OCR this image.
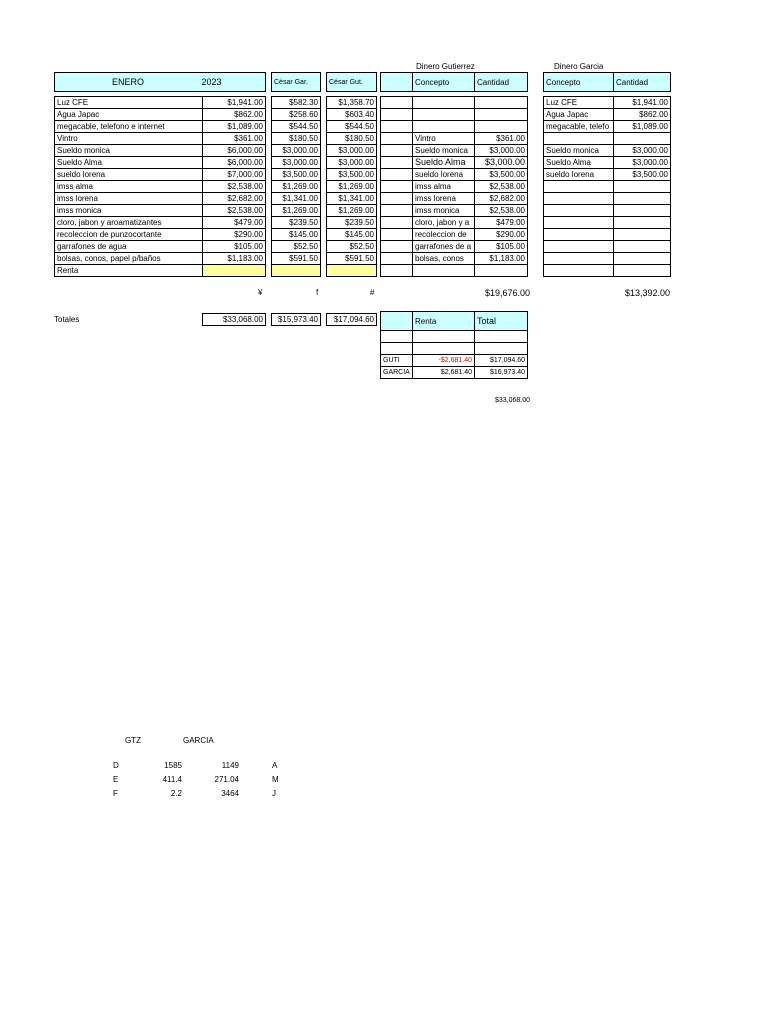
Dinero Gutierrez	Dinero Garcia
ENERO 2023			César Gar.		César Gut.

Luz CFE	$1,941.00		$582.30		$1,358.70
Agua Japac	$862.00		$258.60		$603.40
megacable, telefono e internet	$1,089.00		$544.50		$544.50
Vintro	$361.00		$180.50		$180.50
Sueldo monica	$6,000.00		$3,000.00		$3,000.00
Sueldo Alma	$6,000.00		$3,000.00		$3,000.00
sueldo lorena	$7,000.00		$3,500.00		$3,500.00
imss alma	$2,538.00		$1,269.00		$1,269.00
imss lorena	$2,682.00		$1,341.00		$1,341.00
imss monica	$2,538.00		$1,269.00		$1,269.00
cloro, jabon y aroamatizantes	$479.00		$239.50		$239.50
recoleccion de punzocortante	$290.00		$145.00		$145.00
garrafones de agua	$105.00		$52.50		$52.50
bolsas, conos, papel p/baños	$1,183.00		$591.50		$591.50
Renta					
¥	f	#
	Concepto	Cantidad

	Vintro	$361.00
	Sueldo monica	$3,000.00
	Sueldo Alma	$3,000.00
	sueldo lorena	$3,500.00
	imss alma	$2,538.00
	imss lorena	$2,682.00
	imss monica	$2,538.00
	cloro, jabon y a	$479.00
	recoleccion de	$290.00
	garrafones de a	$105.00
	bolsas, conos	$1,183.00

$19,676.00
Concepto	Cantidad

Luz CFE	$1,941.00
Agua Japac	$862.00
megacable, telefo	$1,089.00

Sueldo monica	$3,000.00
Sueldo Alma	$3,000.00
sueldo lorena	$3,500.00

$13,392.00
Totales	$33,068.00		$15,973.40		$17,094.60
		Renta	Total

GUTI	-$2,681.40	$17,094.60
GARCIA	$2,681.40	$16,973.40
$33,068.00
GTZ	GARCIA
D	1585	1149	A
E	411.4	271.04	M
F	2.2	3464	J
